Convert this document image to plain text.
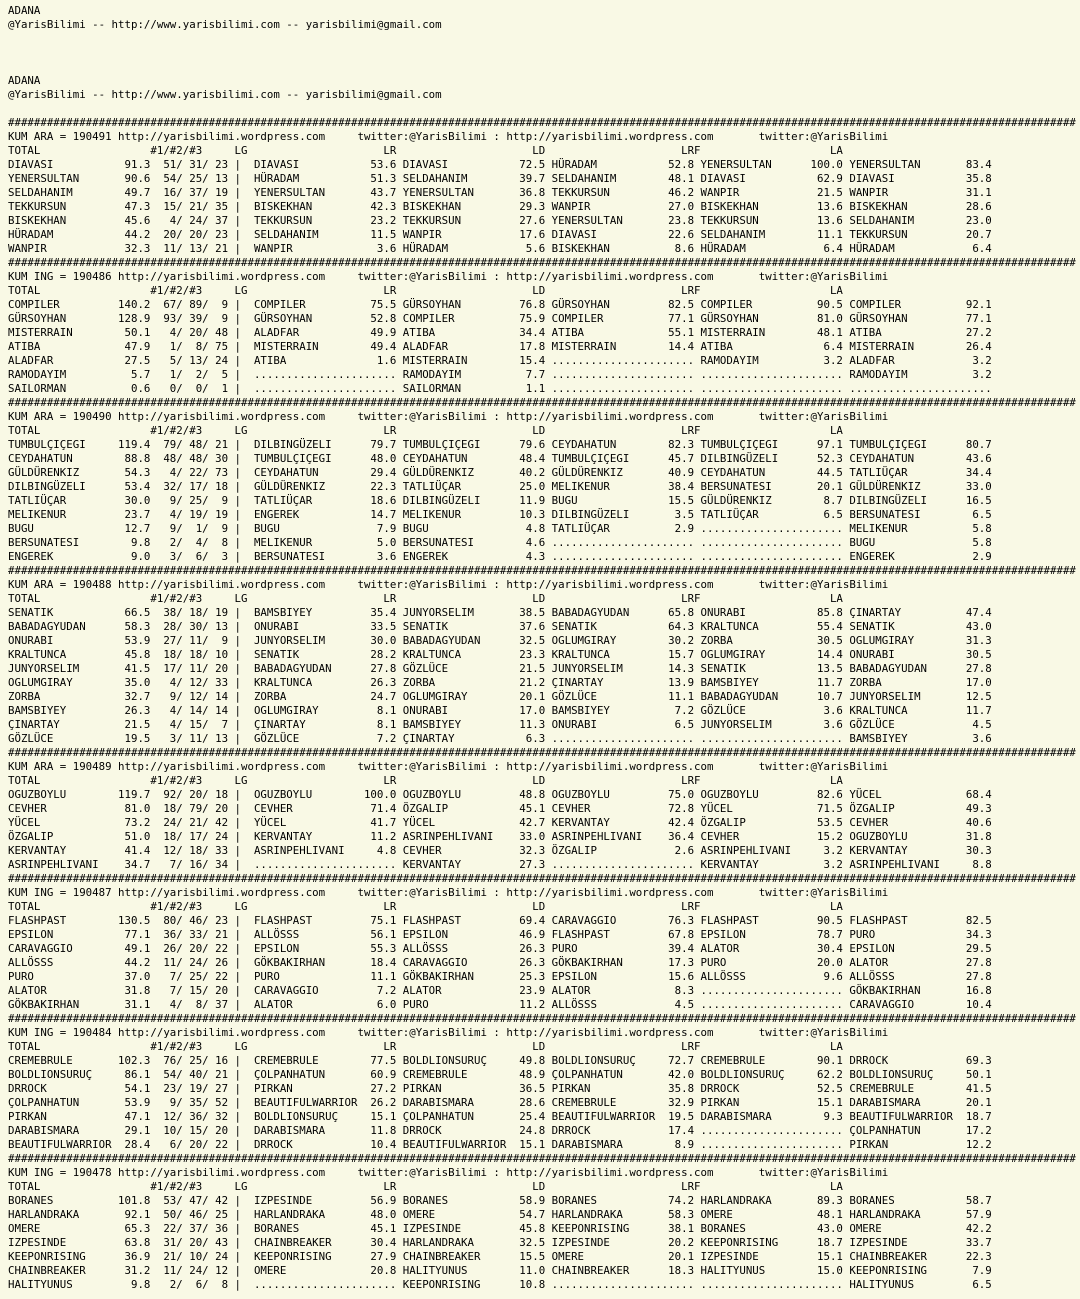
ADANA
@YarisBilimi -- http://www.yarisbilimi.com -- yarisbilimi@gmail.com
ADANA
@YarisBilimi -- http://www.yarisbilimi.com -- yarisbilimi@gmail.com
#####################################################################################################################################################################
KUM ARA = 190491 http://yarisbilimi.wordpress.com     twitter:@YarisBilimi : http://yarisbilimi.wordpress.com       twitter:@YarisBilimi
TOTAL                 #1/#2/#3     LG                     LR                     LD                     LRF                    LA
DIAVASI           91.3  51/ 31/ 23 |  DIAVASI           53.6 DIAVASI           72.5 HÜRADAM           52.8 YENERSULTAN      100.0 YENERSULTAN       83.4
YENERSULTAN       90.6  54/ 25/ 13 |  HÜRADAM           51.3 SELDAHANIM        39.7 SELDAHANIM        48.1 DIAVASI           62.9 DIAVASI           35.8
SELDAHANIM        49.7  16/ 37/ 19 |  YENERSULTAN       43.7 YENERSULTAN       36.8 TEKKURSUN         46.2 WANPIR            21.5 WANPIR            31.1
TEKKURSUN         47.3  15/ 21/ 35 |  BISKEKHAN         42.3 BISKEKHAN         29.3 WANPIR            27.0 BISKEKHAN         13.6 BISKEKHAN         28.6
BISKEKHAN         45.6   4/ 24/ 37 |  TEKKURSUN         23.2 TEKKURSUN         27.6 YENERSULTAN       23.8 TEKKURSUN         13.6 SELDAHANIM        23.0
HÜRADAM           44.2  20/ 20/ 23 |  SELDAHANIM        11.5 WANPIR            17.6 DIAVASI           22.6 SELDAHANIM        11.1 TEKKURSUN         20.7
WANPIR            32.3  11/ 13/ 21 |  WANPIR             3.6 HÜRADAM            5.6 BISKEKHAN          8.6 HÜRADAM            6.4 HÜRADAM            6.4
#####################################################################################################################################################################
KUM ING = 190486 http://yarisbilimi.wordpress.com     twitter:@YarisBilimi : http://yarisbilimi.wordpress.com       twitter:@YarisBilimi
TOTAL                 #1/#2/#3     LG                     LR                     LD                     LRF                    LA
COMPILER         140.2  67/ 89/  9 |  COMPILER          75.5 GÜRSOYHAN         76.8 GÜRSOYHAN         82.5 COMPILER          90.5 COMPILER          92.1
GÜRSOYHAN        128.9  93/ 39/  9 |  GÜRSOYHAN         52.8 COMPILER          75.9 COMPILER          77.1 GÜRSOYHAN         81.0 GÜRSOYHAN         77.1
MISTERRAIN        50.1   4/ 20/ 48 |  ALADFAR           49.9 ATIBA             34.4 ATIBA             55.1 MISTERRAIN        48.1 ATIBA             27.2
ATIBA             47.9   1/  8/ 75 |  MISTERRAIN        49.4 ALADFAR           17.8 MISTERRAIN        14.4 ATIBA              6.4 MISTERRAIN        26.4
ALADFAR           27.5   5/ 13/ 24 |  ATIBA              1.6 MISTERRAIN        15.4 ...................... RAMODAYIM          3.2 ALADFAR            3.2
RAMODAYIM          5.7   1/  2/  5 |  ...................... RAMODAYIM          7.7 ...................... ...................... RAMODAYIM          3.2
SAILORMAN          0.6   0/  0/  1 |  ...................... SAILORMAN          1.1 ...................... ...................... ......................
#####################################################################################################################################################################
KUM ARA = 190490 http://yarisbilimi.wordpress.com     twitter:@YarisBilimi : http://yarisbilimi.wordpress.com       twitter:@YarisBilimi
TOTAL                 #1/#2/#3     LG                     LR                     LD                     LRF                    LA
TUMBULÇIÇEGI     119.4  79/ 48/ 21 |  DILBINGÜZELI      79.7 TUMBULÇIÇEGI      79.6 CEYDAHATUN        82.3 TUMBULÇIÇEGI      97.1 TUMBULÇIÇEGI      80.7
CEYDAHATUN        88.8  48/ 48/ 30 |  TUMBULÇIÇEGI      48.0 CEYDAHATUN        48.4 TUMBULÇIÇEGI      45.7 DILBINGÜZELI      52.3 CEYDAHATUN        43.6
GÜLDÜRENKIZ       54.3   4/ 22/ 73 |  CEYDAHATUN        29.4 GÜLDÜRENKIZ       40.2 GÜLDÜRENKIZ       40.9 CEYDAHATUN        44.5 TATLIÜÇAR         34.4
DILBINGÜZELI      53.4  32/ 17/ 18 |  GÜLDÜRENKIZ       22.3 TATLIÜÇAR         25.0 MELIKENUR         38.4 BERSUNATESI       20.1 GÜLDÜRENKIZ       33.0
TATLIÜÇAR         30.0   9/ 25/  9 |  TATLIÜÇAR         18.6 DILBINGÜZELI      11.9 BUGU              15.5 GÜLDÜRENKIZ        8.7 DILBINGÜZELI      16.5
MELIKENUR         23.7   4/ 19/ 19 |  ENGEREK           14.7 MELIKENUR         10.3 DILBINGÜZELI       3.5 TATLIÜÇAR          6.5 BERSUNATESI        6.5
BUGU              12.7   9/  1/  9 |  BUGU               7.9 BUGU               4.8 TATLIÜÇAR          2.9 ...................... MELIKENUR          5.8
BERSUNATESI        9.8   2/  4/  8 |  MELIKENUR          5.0 BERSUNATESI        4.6 ...................... ...................... BUGU               5.8
ENGEREK            9.0   3/  6/  3 |  BERSUNATESI        3.6 ENGEREK            4.3 ...................... ...................... ENGEREK            2.9
#####################################################################################################################################################################
KUM ARA = 190488 http://yarisbilimi.wordpress.com     twitter:@YarisBilimi : http://yarisbilimi.wordpress.com       twitter:@YarisBilimi
TOTAL                 #1/#2/#3     LG                     LR                     LD                     LRF                    LA
SENATIK           66.5  38/ 18/ 19 |  BAMSBIYEY         35.4 JUNYORSELIM       38.5 BABADAGYUDAN      65.8 ONURABI           85.8 ÇINARTAY          47.4
BABADAGYUDAN      58.3  28/ 30/ 13 |  ONURABI           33.5 SENATIK           37.6 SENATIK           64.3 KRALTUNCA         55.4 SENATIK           43.0
ONURABI           53.9  27/ 11/  9 |  JUNYORSELIM       30.0 BABADAGYUDAN      32.5 OGLUMGIRAY        30.2 ZORBA             30.5 OGLUMGIRAY        31.3
KRALTUNCA         45.8  18/ 18/ 10 |  SENATIK           28.2 KRALTUNCA         23.3 KRALTUNCA         15.7 OGLUMGIRAY        14.4 ONURABI           30.5
JUNYORSELIM       41.5  17/ 11/ 20 |  BABADAGYUDAN      27.8 GÖZLÜCE           21.5 JUNYORSELIM       14.3 SENATIK           13.5 BABADAGYUDAN      27.8
OGLUMGIRAY        35.0   4/ 12/ 33 |  KRALTUNCA         26.3 ZORBA             21.2 ÇINARTAY          13.9 BAMSBIYEY         11.7 ZORBA             17.0
ZORBA             32.7   9/ 12/ 14 |  ZORBA             24.7 OGLUMGIRAY        20.1 GÖZLÜCE           11.1 BABADAGYUDAN      10.7 JUNYORSELIM       12.5
BAMSBIYEY         26.3   4/ 14/ 14 |  OGLUMGIRAY         8.1 ONURABI           17.0 BAMSBIYEY          7.2 GÖZLÜCE            3.6 KRALTUNCA         11.7
ÇINARTAY          21.5   4/ 15/  7 |  ÇINARTAY           8.1 BAMSBIYEY         11.3 ONURABI            6.5 JUNYORSELIM        3.6 GÖZLÜCE            4.5
GÖZLÜCE           19.5   3/ 11/ 13 |  GÖZLÜCE            7.2 ÇINARTAY           6.3 ...................... ...................... BAMSBIYEY          3.6
#####################################################################################################################################################################
KUM ARA = 190489 http://yarisbilimi.wordpress.com     twitter:@YarisBilimi : http://yarisbilimi.wordpress.com       twitter:@YarisBilimi
TOTAL                 #1/#2/#3     LG                     LR                     LD                     LRF                    LA
OGUZBOYLU        119.7  92/ 20/ 18 |  OGUZBOYLU        100.0 OGUZBOYLU         48.8 OGUZBOYLU         75.0 OGUZBOYLU         82.6 YÜCEL             68.4
CEVHER            81.0  18/ 79/ 20 |  CEVHER            71.4 ÖZGALIP           45.1 CEVHER            72.8 YÜCEL             71.5 ÖZGALIP           49.3
YÜCEL             73.2  24/ 21/ 42 |  YÜCEL             41.7 YÜCEL             42.7 KERVANTAY         42.4 ÖZGALIP           53.5 CEVHER            40.6
ÖZGALIP           51.0  18/ 17/ 24 |  KERVANTAY         11.2 ASRINPEHLIVANI    33.0 ASRINPEHLIVANI    36.4 CEVHER            15.2 OGUZBOYLU         31.8
KERVANTAY         41.4  12/ 18/ 33 |  ASRINPEHLIVANI     4.8 CEVHER            32.3 ÖZGALIP            2.6 ASRINPEHLIVANI     3.2 KERVANTAY         30.3
ASRINPEHLIVANI    34.7   7/ 16/ 34 |  ...................... KERVANTAY         27.3 ...................... KERVANTAY          3.2 ASRINPEHLIVANI     8.8
#####################################################################################################################################################################
KUM ING = 190487 http://yarisbilimi.wordpress.com     twitter:@YarisBilimi : http://yarisbilimi.wordpress.com       twitter:@YarisBilimi
TOTAL                 #1/#2/#3     LG                     LR                     LD                     LRF                    LA
FLASHPAST        130.5  80/ 46/ 23 |  FLASHPAST         75.1 FLASHPAST         69.4 CARAVAGGIO        76.3 FLASHPAST         90.5 FLASHPAST         82.5
EPSILON           77.1  36/ 33/ 21 |  ALLÖSSS           56.1 EPSILON           46.9 FLASHPAST         67.8 EPSILON           78.7 PURO              34.3
CARAVAGGIO        49.1  26/ 20/ 22 |  EPSILON           55.3 ALLÖSSS           26.3 PURO              39.4 ALATOR            30.4 EPSILON           29.5
ALLÖSSS           44.2  11/ 24/ 26 |  GÖKBAKIRHAN       18.4 CARAVAGGIO        26.3 GÖKBAKIRHAN       17.3 PURO              20.0 ALATOR            27.8
PURO              37.0   7/ 25/ 22 |  PURO              11.1 GÖKBAKIRHAN       25.3 EPSILON           15.6 ALLÖSSS            9.6 ALLÖSSS           27.8
ALATOR            31.8   7/ 15/ 20 |  CARAVAGGIO         7.2 ALATOR            23.9 ALATOR             8.3 ...................... GÖKBAKIRHAN       16.8
GÖKBAKIRHAN       31.1   4/  8/ 37 |  ALATOR             6.0 PURO              11.2 ALLÖSSS            4.5 ...................... CARAVAGGIO        10.4
#####################################################################################################################################################################
KUM ING = 190484 http://yarisbilimi.wordpress.com     twitter:@YarisBilimi : http://yarisbilimi.wordpress.com       twitter:@YarisBilimi
TOTAL                 #1/#2/#3     LG                     LR                     LD                     LRF                    LA
CREMEBRULE       102.3  76/ 25/ 16 |  CREMEBRULE        77.5 BOLDLIONSURUÇ     49.8 BOLDLIONSURUÇ     72.7 CREMEBRULE        90.1 DRROCK            69.3
BOLDLIONSURUÇ     86.1  54/ 40/ 21 |  ÇOLPANHATUN       60.9 CREMEBRULE        48.9 ÇOLPANHATUN       42.0 BOLDLIONSURUÇ     62.2 BOLDLIONSURUÇ     50.1
DRROCK            54.1  23/ 19/ 27 |  PIRKAN            27.2 PIRKAN            36.5 PIRKAN            35.8 DRROCK            52.5 CREMEBRULE        41.5
ÇOLPANHATUN       53.9   9/ 35/ 52 |  BEAUTIFULWARRIOR  26.2 DARABISMARA       28.6 CREMEBRULE        32.9 PIRKAN            15.1 DARABISMARA       20.1
PIRKAN            47.1  12/ 36/ 32 |  BOLDLIONSURUÇ     15.1 ÇOLPANHATUN       25.4 BEAUTIFULWARRIOR  19.5 DARABISMARA        9.3 BEAUTIFULWARRIOR  18.7
DARABISMARA       29.1  10/ 15/ 20 |  DARABISMARA       11.8 DRROCK            24.8 DRROCK            17.4 ...................... ÇOLPANHATUN       17.2
BEAUTIFULWARRIOR  28.4   6/ 20/ 22 |  DRROCK            10.4 BEAUTIFULWARRIOR  15.1 DARABISMARA        8.9 ...................... PIRKAN            12.2
#####################################################################################################################################################################
KUM ING = 190478 http://yarisbilimi.wordpress.com     twitter:@YarisBilimi : http://yarisbilimi.wordpress.com       twitter:@YarisBilimi
TOTAL                 #1/#2/#3     LG                     LR                     LD                     LRF                    LA
BORANES          101.8  53/ 47/ 42 |  IZPESINDE         56.9 BORANES           58.9 BORANES           74.2 HARLANDRAKA       89.3 BORANES           58.7
HARLANDRAKA       92.1  50/ 46/ 25 |  HARLANDRAKA       48.0 OMERE             54.7 HARLANDRAKA       58.3 OMERE             48.1 HARLANDRAKA       57.9
OMERE             65.3  22/ 37/ 36 |  BORANES           45.1 IZPESINDE         45.8 KEEPONRISING      38.1 BORANES           43.0 OMERE             42.2
IZPESINDE         63.8  31/ 20/ 43 |  CHAINBREAKER      30.4 HARLANDRAKA       32.5 IZPESINDE         20.2 KEEPONRISING      18.7 IZPESINDE         33.7
KEEPONRISING      36.9  21/ 10/ 24 |  KEEPONRISING      27.9 CHAINBREAKER      15.5 OMERE             20.1 IZPESINDE         15.1 CHAINBREAKER      22.3
CHAINBREAKER      31.2  11/ 24/ 12 |  OMERE             20.8 HALITYUNUS        11.0 CHAINBREAKER      18.3 HALITYUNUS        15.0 KEEPONRISING       7.9
HALITYUNUS         9.8   2/  6/  8 |  ...................... KEEPONRISING      10.8 ...................... ...................... HALITYUNUS         6.5
